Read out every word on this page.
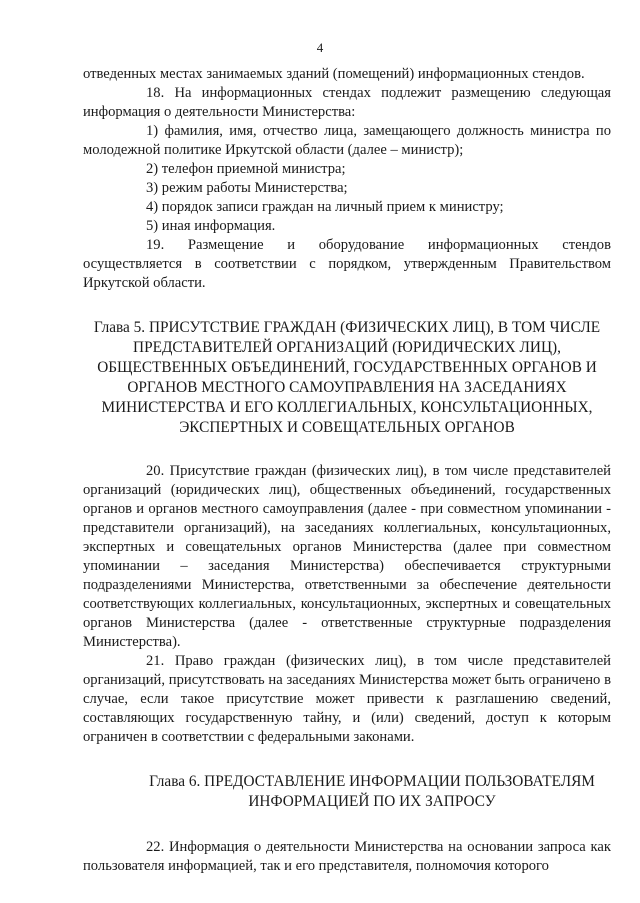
4

отведенных местах занимаемых зданий (помещений) информационных стендов.

18. На информационных стендах подлежит размещению следующая информация о деятельности Министерства:

1) фамилия, имя, отчество лица, замещающего должность министра по молодежной политике Иркутской области (далее – министр);

2) телефон приемной министра;

3) режим работы Министерства;

4) порядок записи граждан на личный прием к министру;

5) иная информация.

19. Размещение и оборудование информационных стендов осуществляется в соответствии с порядком, утвержденным Правительством Иркутской области.

Глава 5. ПРИСУТСТВИЕ ГРАЖДАН (ФИЗИЧЕСКИХ ЛИЦ), В ТОМ ЧИСЛЕ ПРЕДСТАВИТЕЛЕЙ ОРГАНИЗАЦИЙ (ЮРИДИЧЕСКИХ ЛИЦ), ОБЩЕСТВЕННЫХ ОБЪЕДИНЕНИЙ, ГОСУДАРСТВЕННЫХ ОРГАНОВ И ОРГАНОВ МЕСТНОГО САМОУПРАВЛЕНИЯ НА ЗАСЕДАНИЯХ МИНИСТЕРСТВА И ЕГО КОЛЛЕГИАЛЬНЫХ, КОНСУЛЬТАЦИОННЫХ, ЭКСПЕРТНЫХ И СОВЕЩАТЕЛЬНЫХ ОРГАНОВ

20. Присутствие граждан (физических лиц), в том числе представителей организаций (юридических лиц), общественных объединений, государственных органов и органов местного самоуправления (далее - при совместном упоминании - представители организаций), на заседаниях коллегиальных, консультационных, экспертных и совещательных органов Министерства (далее при совместном упоминании – заседания Министерства) обеспечивается структурными подразделениями Министерства, ответственными за обеспечение деятельности соответствующих коллегиальных, консультационных, экспертных и совещательных органов Министерства (далее - ответственные структурные подразделения Министерства).

21. Право граждан (физических лиц), в том числе представителей организаций, присутствовать на заседаниях Министерства может быть ограничено в случае, если такое присутствие может привести к разглашению сведений, составляющих государственную тайну, и (или) сведений, доступ к которым ограничен в соответствии с федеральными законами.

Глава 6. ПРЕДОСТАВЛЕНИЕ ИНФОРМАЦИИ ПОЛЬЗОВАТЕЛЯМ ИНФОРМАЦИЕЙ ПО ИХ ЗАПРОСУ

22. Информация о деятельности Министерства на основании запроса как пользователя информацией, так и его представителя, полномочия которого
